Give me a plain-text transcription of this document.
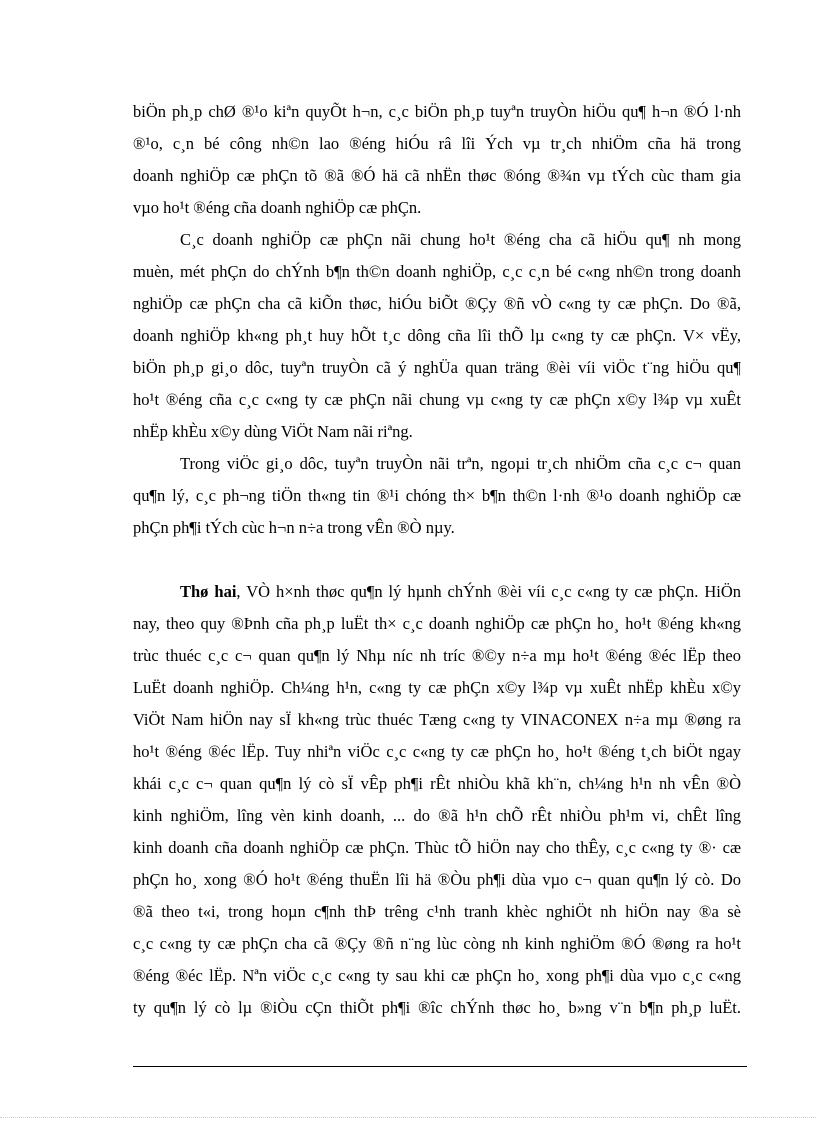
biÖn ph¸p chØ ®¹o kiªn quyÕt h¬n, c¸c biÖn ph¸p tuyªn truyÒn hiÖu qu¶ h¬n ®Ó l·nh
®¹o, c¸n bé công nh©n lao ®éng hiÓu râ lîi Ých vµ tr¸ch nhiÖm cña hä trong
doanh nghiÖp cæ phÇn tõ ®ã ®Ó hä cã nhËn thøc ®óng ®¾n vµ tÝch cùc tham gia
vµo ho¹t ®éng cña doanh nghiÖp cæ phÇn.
C¸c doanh nghiÖp cæ phÇn nãi chung ho¹t ®éng cha cã hiÖu qu¶ nh mong
muèn, mét phÇn do chÝnh b¶n th©n doanh nghiÖp, c¸c c¸n bé c«ng nh©n trong doanh
nghiÖp cæ phÇn cha cã kiÕn thøc, hiÓu biÕt ®Çy ®ñ vÒ c«ng ty cæ phÇn. Do ®ã,
doanh nghiÖp kh«ng ph¸t huy hÕt t¸c dông cña lîi thÕ lµ c«ng ty cæ phÇn. V× vËy,
biÖn ph¸p gi¸o dôc, tuyªn truyÒn cã ý nghÜa quan träng ®èi víi viÖc t¨ng hiÖu qu¶
ho¹t ®éng cña c¸c c«ng ty cæ phÇn nãi chung vµ c«ng ty cæ phÇn x©y l¾p vµ xuÊt
nhËp khÈu x©y dùng ViÖt Nam nãi riªng.
Trong viÖc gi¸o dôc, tuyªn truyÒn nãi trªn, ngoµi tr¸ch nhiÖm cña c¸c c¬ quan
qu¶n lý, c¸c ph¬ng tiÖn th«ng tin ®¹i chóng th× b¶n th©n l·nh ®¹o doanh nghiÖp cæ
phÇn ph¶i tÝch cùc h¬n n÷a trong vÊn ®Ò nµy.
Thø hai, VÒ h×nh thøc qu¶n lý hµnh chÝnh ®èi víi c¸c c«ng ty cæ phÇn. HiÖn
nay, theo quy ®Þnh cña ph¸p luËt th× c¸c doanh nghiÖp cæ phÇn ho¸ ho¹t ®éng kh«ng
trùc thuéc c¸c c¬ quan qu¶n lý Nhµ níc nh tríc ®©y n÷a mµ ho¹t ®éng ®éc lËp theo
LuËt doanh nghiÖp. Ch¼ng h¹n, c«ng ty cæ phÇn x©y l¾p vµ xuÊt nhËp khÈu x©y
ViÖt Nam hiÖn nay sÏ kh«ng trùc thuéc Tæng c«ng ty VINACONEX n÷a mµ ®øng ra
ho¹t ®éng ®éc lËp. Tuy nhiªn viÖc c¸c c«ng ty cæ phÇn ho¸ ho¹t ®éng t¸ch biÖt ngay
khái c¸c c¬ quan qu¶n lý cò sÏ vÊp ph¶i rÊt nhiÒu khã kh¨n, ch¼ng h¹n nh vÊn ®Ò
kinh nghiÖm, lîng vèn kinh doanh, ... do ®ã h¹n chÕ rÊt nhiÒu ph¹m vi, chÊt lîng
kinh doanh cña doanh nghiÖp cæ phÇn. Thùc tÕ hiÖn nay cho thÊy, c¸c c«ng ty ®· cæ
phÇn ho¸ xong ®Ó ho¹t ®éng thuËn lîi hä ®Òu ph¶i dùa vµo c¬ quan qu¶n lý cò. Do
®ã theo t«i, trong hoµn c¶nh thÞ trêng c¹nh tranh khèc nghiÖt nh hiÖn nay ®a sè
c¸c c«ng ty cæ phÇn cha cã ®Çy ®ñ n¨ng lùc còng nh kinh nghiÖm ®Ó ®øng ra ho¹t
®éng ®éc lËp. Nªn viÖc c¸c c«ng ty sau khi cæ phÇn ho¸ xong ph¶i dùa vµo c¸c c«ng
ty qu¶n lý cò lµ ®iÒu cÇn thiÕt ph¶i ®îc chÝnh thøc ho¸ b»ng v¨n b¶n ph¸p luËt.
